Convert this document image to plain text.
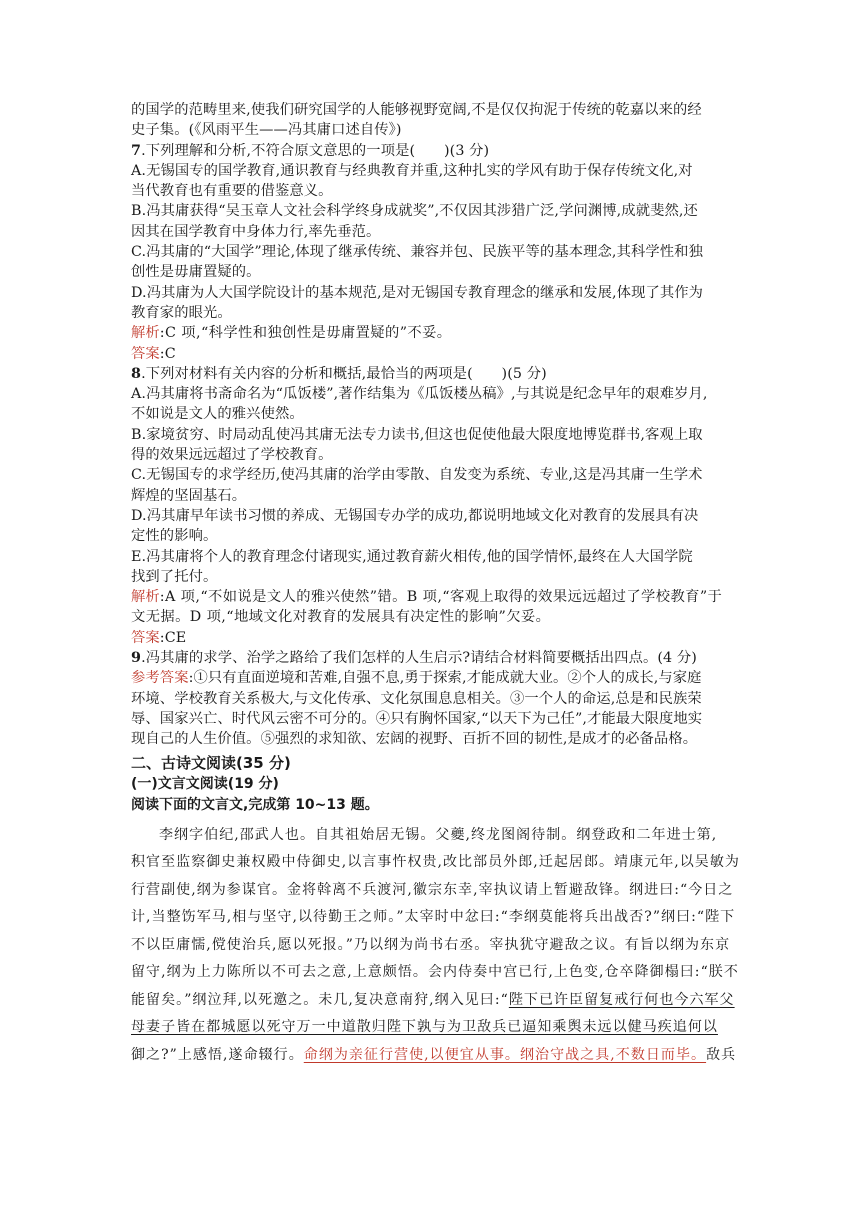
的国学的范畴里来,使我们研究国学的人能够视野宽阔,不是仅仅拘泥于传统的乾嘉以来的经
史子集。(《风雨平生——冯其庸口述自传》)
7.下列理解和分析,不符合原文意思的一项是(　　)(3 分)
A.无锡国专的国学教育,通识教育与经典教育并重,这种扎实的学风有助于保存传统文化,对
当代教育也有重要的借鉴意义。
B.冯其庸获得“吴玉章人文社会科学终身成就奖”,不仅因其涉猎广泛,学问渊博,成就斐然,还
因其在国学教育中身体力行,率先垂范。
C.冯其庸的“大国学”理论,体现了继承传统、兼容并包、民族平等的基本理念,其科学性和独
创性是毋庸置疑的。
D.冯其庸为人大国学院设计的基本规范,是对无锡国专教育理念的继承和发展,体现了其作为
教育家的眼光。
解析:C 项,“科学性和独创性是毋庸置疑的”不妥。
答案:C
8.下列对材料有关内容的分析和概括,最恰当的两项是(　　)(5 分)
A.冯其庸将书斋命名为“瓜饭楼”,著作结集为《瓜饭楼丛稿》,与其说是纪念早年的艰难岁月,
不如说是文人的雅兴使然。
B.家境贫穷、时局动乱使冯其庸无法专力读书,但这也促使他最大限度地博览群书,客观上取
得的效果远远超过了学校教育。
C.无锡国专的求学经历,使冯其庸的治学由零散、自发变为系统、专业,这是冯其庸一生学术
辉煌的坚固基石。
D.冯其庸早年读书习惯的养成、无锡国专办学的成功,都说明地域文化对教育的发展具有决
定性的影响。
E.冯其庸将个人的教育理念付诸现实,通过教育薪火相传,他的国学情怀,最终在人大国学院
找到了托付。
解析:A 项,“不如说是文人的雅兴使然”错。B 项,“客观上取得的效果远远超过了学校教育”于
文无据。D 项,“地域文化对教育的发展具有决定性的影响”欠妥。
答案:CE
9.冯其庸的求学、治学之路给了我们怎样的人生启示?请结合材料简要概括出四点。(4 分)
参考答案:①只有直面逆境和苦难,自强不息,勇于探索,才能成就大业。②个人的成长,与家庭
环境、学校教育关系极大,与文化传承、文化氛围息息相关。③一个人的命运,总是和民族荣
辱、国家兴亡、时代风云密不可分的。④只有胸怀国家,“以天下为己任”,才能最大限度地实
现自己的人生价值。⑤强烈的求知欲、宏阔的视野、百折不回的韧性,是成才的必备品格。
二、古诗文阅读(35 分)
(一)文言文阅读(19 分)
阅读下面的文言文,完成第 10~13 题。
李纲字伯纪,邵武人也。自其祖始居无锡。父夔,终龙图阁待制。纲登政和二年进士第,
积官至监察御史兼权殿中侍御史,以言事忤权贵,改比部员外郎,迁起居郎。靖康元年,以吴敏为
行营副使,纲为参谋官。金将斡离不兵渡河,徽宗东幸,宰执议请上暂避敌锋。纲进曰:“今日之
计,当整饬军马,相与坚守,以待勤王之师。”太宰时中忿曰:“李纲莫能将兵出战否?”纲曰:“陛下
不以臣庸懦,傥使治兵,愿以死报。”乃以纲为尚书右丞。宰执犹守避敌之议。有旨以纲为东京
留守,纲为上力陈所以不可去之意,上意颇悟。会内侍奏中宫已行,上色变,仓卒降御榻曰:“朕不
能留矣。”纲泣拜,以死邀之。未几,复决意南狩,纲入见曰:“陛下已许臣留复戒行何也今六军父
母妻子皆在都城愿以死守万一中道散归陛下孰与为卫敌兵已逼知乘舆未远以健马疾追何以
御之?”上感悟,遂命辍行。命纲为亲征行营使,以便宜从事。纲治守战之具,不数日而毕。敌兵
